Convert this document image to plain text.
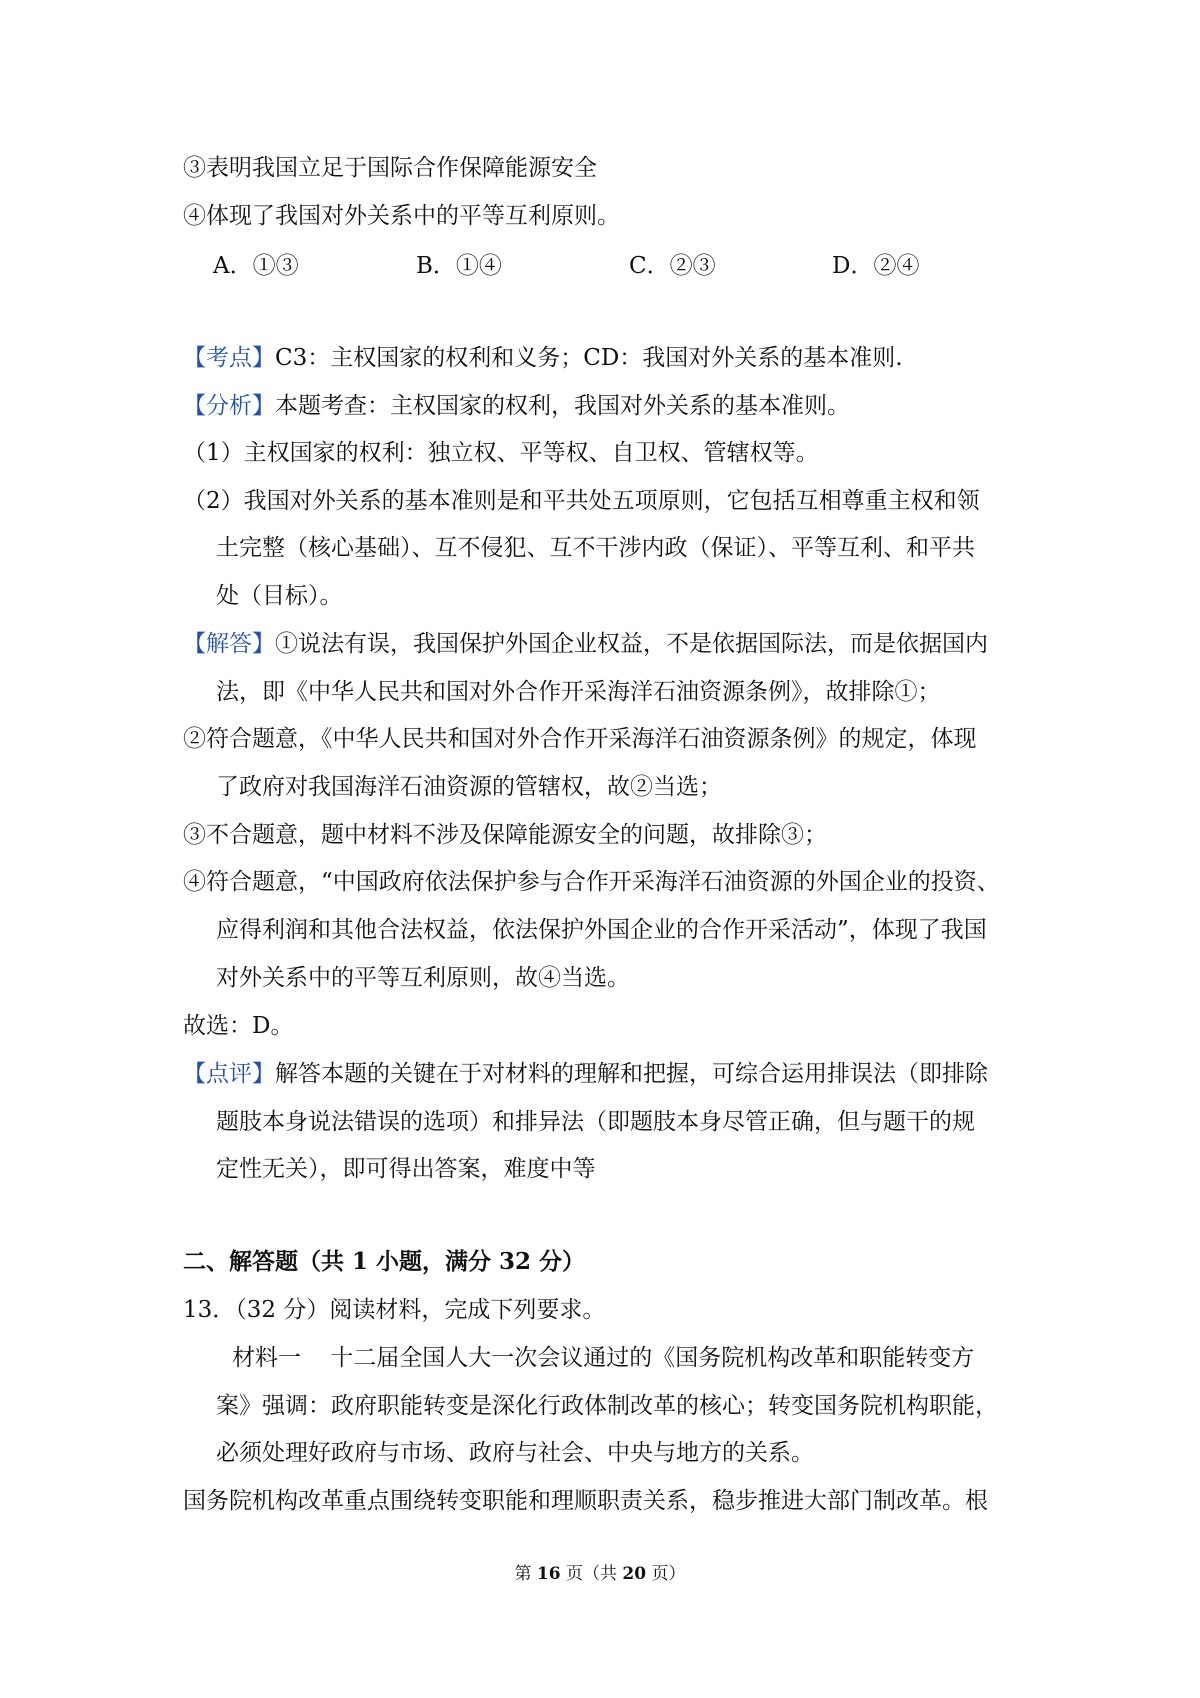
③表明我国立足于国际合作保障能源安全
④体现了我国对外关系中的平等互利原则。
A．①③	B．①④	C．②③	D．②④
【考点】C3：主权国家的权利和义务；CD：我国对外关系的基本准则.
【分析】本题考查：主权国家的权利，我国对外关系的基本准则。
（1）主权国家的权利：独立权、平等权、自卫权、管辖权等。
（2）我国对外关系的基本准则是和平共处五项原则，它包括互相尊重主权和领
土完整（核心基础）、互不侵犯、互不干涉内政（保证）、平等互利、和平共
处（目标）。
【解答】①说法有误，我国保护外国企业权益，不是依据国际法，而是依据国内
法，即《中华人民共和国对外合作开采海洋石油资源条例》，故排除①；
②符合题意，《中华人民共和国对外合作开采海洋石油资源条例》的规定，体现
了政府对我国海洋石油资源的管辖权，故②当选；
③不合题意，题中材料不涉及保障能源安全的问题，故排除③；
④符合题意，“中国政府依法保护参与合作开采海洋石油资源的外国企业的投资、
应得利润和其他合法权益，依法保护外国企业的合作开采活动”，体现了我国
对外关系中的平等互利原则，故④当选。
故选：D。
【点评】解答本题的关键在于对材料的理解和把握，可综合运用排误法（即排除
题肢本身说法错误的选项）和排异法（即题肢本身尽管正确，但与题干的规
定性无关），即可得出答案，难度中等
二、解答题（共 1 小题，满分 32 分）
13．（32 分）阅读材料，完成下列要求。
材料一    十二届全国人大一次会议通过的《国务院机构改革和职能转变方
案》强调：政府职能转变是深化行政体制改革的核心；转变国务院机构职能，
必须处理好政府与市场、政府与社会、中央与地方的关系。
国务院机构改革重点围绕转变职能和理顺职责关系，稳步推进大部门制改革。根
第 16 页（共 20 页）
